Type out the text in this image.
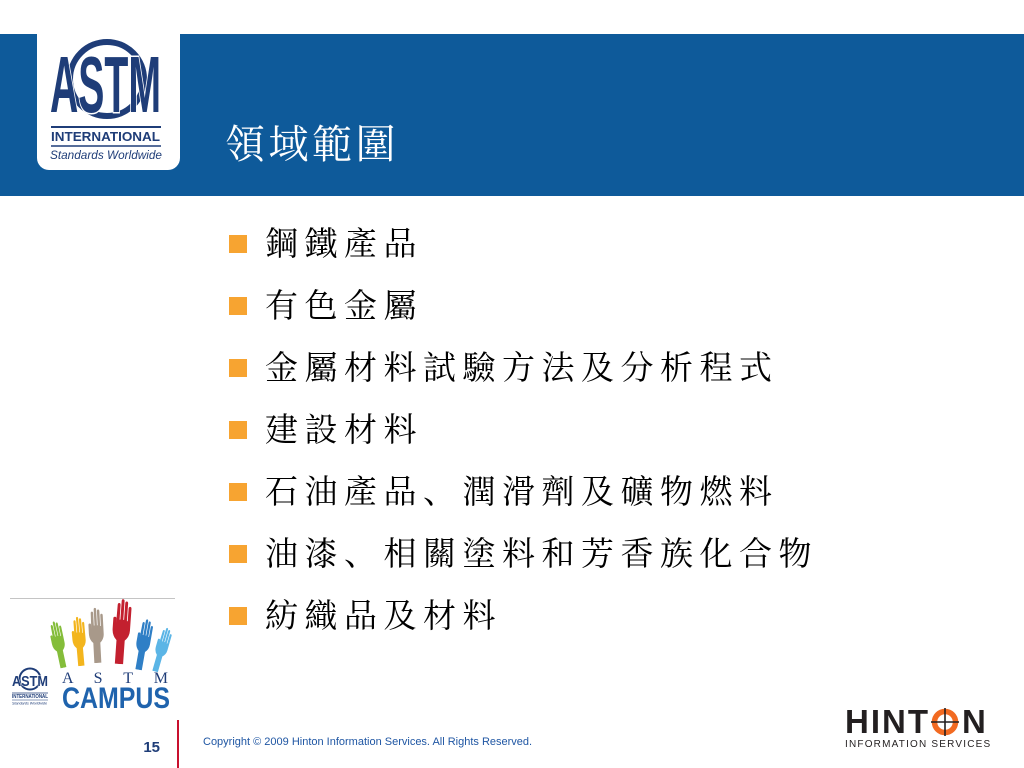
ASTM
INTERNATIONAL
Standards Worldwide 領域範圍
鋼鐵產品
有色金屬
金屬材料試驗方法及分析程式
建設材料
石油產品、潤滑劑及礦物燃料
油漆、相關塗料和芳香族化合物
紡織品及材料
A S T M
CAMPUS
ASTM
INTERNATIONAL
Standards Worldwide
15	Copyright © 2009 Hinton Information Services. All Rights Reserved.
HINT N
INFORMATION SERVICES
